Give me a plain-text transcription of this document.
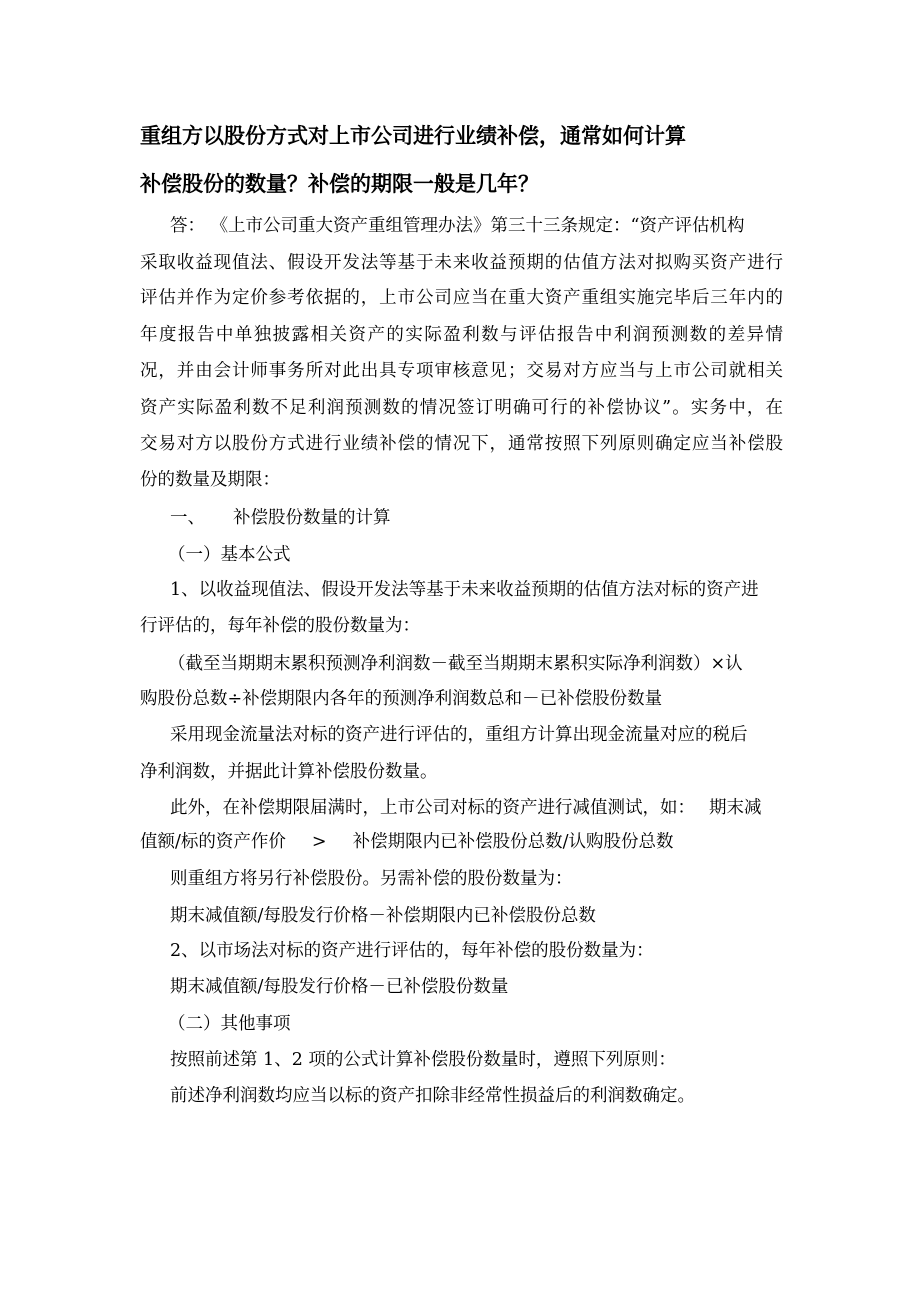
重组方以股份方式对上市公司进行业绩补偿，通常如何计算
补偿股份的数量？补偿的期限一般是几年？
答： 《上市公司重大资产重组管理办法》第三十三条规定：“资产评估机构
采取收益现值法、假设开发法等基于未来收益预期的估值方法对拟购买资产进行
评估并作为定价参考依据的，上市公司应当在重大资产重组实施完毕后三年内的
年度报告中单独披露相关资产的实际盈利数与评估报告中利润预测数的差异情
况，并由会计师事务所对此出具专项审核意见；交易对方应当与上市公司就相关
资产实际盈利数不足利润预测数的情况签订明确可行的补偿协议”。实务中，在
交易对方以股份方式进行业绩补偿的情况下，通常按照下列原则确定应当补偿股
份的数量及期限：
一、 补偿股份数量的计算
（一）基本公式
1、以收益现值法、假设开发法等基于未来收益预期的估值方法对标的资产进
行评估的，每年补偿的股份数量为：
（截至当期期末累积预测净利润数－截至当期期末累积实际净利润数）×认
购股份总数÷补偿期限内各年的预测净利润数总和－已补偿股份数量
采用现金流量法对标的资产进行评估的，重组方计算出现金流量对应的税后
净利润数，并据此计算补偿股份数量。
此外，在补偿期限届满时，上市公司对标的资产进行减值测试，如： 期末减
值额/标的资产作价 > 补偿期限内已补偿股份总数/认购股份总数
则重组方将另行补偿股份。另需补偿的股份数量为：
期末减值额/每股发行价格－补偿期限内已补偿股份总数
2、以市场法对标的资产进行评估的，每年补偿的股份数量为：
期末减值额/每股发行价格－已补偿股份数量
（二）其他事项
按照前述第 1、2 项的公式计算补偿股份数量时，遵照下列原则：
前述净利润数均应当以标的资产扣除非经常性损益后的利润数确定。
